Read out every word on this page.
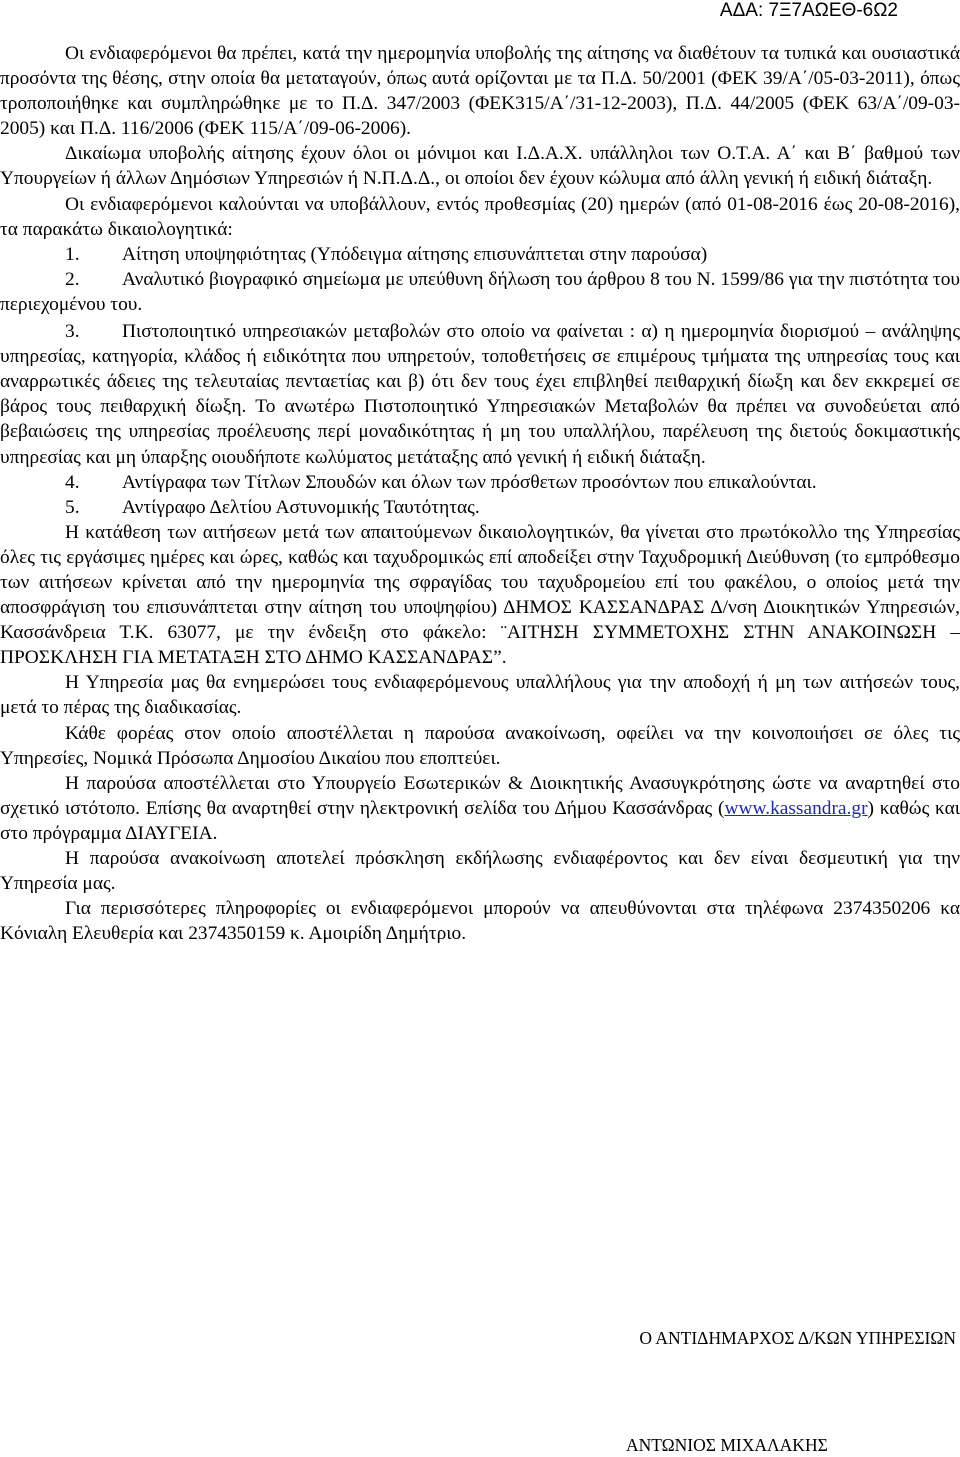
ΑΔΑ: 7Ξ7ΑΩΕΘ-6Ω2

Οι ενδιαφερόμενοι θα πρέπει, κατά την ημερομηνία υποβολής της αίτησης να διαθέτουν τα τυπικά και ουσιαστικά προσόντα της θέσης, στην οποία θα μεταταγούν, όπως αυτά ορίζονται με τα Π.Δ. 50/2001 (ΦΕΚ 39/Α΄/05-03-2011), όπως τροποποιήθηκε και συμπληρώθηκε με το Π.Δ. 347/2003 (ΦΕΚ315/Α΄/31-12-2003), Π.Δ. 44/2005 (ΦΕΚ 63/Α΄/09-03-2005) και Π.Δ. 116/2006 (ΦΕΚ 115/Α΄/09-06-2006).

Δικαίωμα υποβολής αίτησης έχουν όλοι οι μόνιμοι και Ι.Δ.Α.Χ. υπάλληλοι των Ο.Τ.Α. Α΄ και Β΄ βαθμού των Υπουργείων ή άλλων Δημόσιων Υπηρεσιών ή Ν.Π.Δ.Δ., οι οποίοι δεν έχουν κώλυμα από άλλη γενική ή ειδική διάταξη.

Οι ενδιαφερόμενοι καλούνται να υποβάλλουν, εντός προθεσμίας (20) ημερών (από 01-08-2016 έως 20-08-2016), τα παρακάτω δικαιολογητικά:

1. Αίτηση υποψηφιότητας (Υπόδειγμα αίτησης επισυνάπτεται στην παρούσα)

2. Αναλυτικό βιογραφικό σημείωμα με υπεύθυνη δήλωση του άρθρου 8 του Ν. 1599/86 για την πιστότητα του περιεχομένου του.

3. Πιστοποιητικό υπηρεσιακών μεταβολών στο οποίο να φαίνεται : α) η ημερομηνία διορισμού – ανάληψης υπηρεσίας, κατηγορία, κλάδος ή ειδικότητα που υπηρετούν, τοποθετήσεις σε επιμέρους τμήματα της υπηρεσίας τους και αναρρωτικές άδειες της τελευταίας πενταετίας και β) ότι δεν τους έχει επιβληθεί πειθαρχική δίωξη και δεν εκκρεμεί σε βάρος τους πειθαρχική δίωξη. Το ανωτέρω Πιστοποιητικό Υπηρεσιακών Μεταβολών θα πρέπει να συνοδεύεται από βεβαιώσεις της υπηρεσίας προέλευσης περί μοναδικότητας ή μη του υπαλλήλου, παρέλευση της διετούς δοκιμαστικής υπηρεσίας και μη ύπαρξης οιουδήποτε κωλύματος μετάταξης από γενική ή ειδική διάταξη.

4. Αντίγραφα των Τίτλων Σπουδών και όλων των πρόσθετων προσόντων που επικαλούνται.

5. Αντίγραφο Δελτίου Αστυνομικής Ταυτότητας.

Η κατάθεση των αιτήσεων μετά των απαιτούμενων δικαιολογητικών, θα γίνεται στο πρωτόκολλο της Υπηρεσίας όλες τις εργάσιμες ημέρες και ώρες, καθώς και ταχυδρομικώς επί αποδείξει στην Ταχυδρομική Διεύθυνση (το εμπρόθεσμο των αιτήσεων κρίνεται από την ημερομηνία της σφραγίδας του ταχυδρομείου επί του φακέλου, ο οποίος μετά την αποσφράγιση του επισυνάπτεται στην αίτηση του υποψηφίου) ΔΗΜΟΣ ΚΑΣΣΑΝΔΡΑΣ Δ/νση Διοικητικών Υπηρεσιών, Κασσάνδρεια Τ.Κ. 63077, με την ένδειξη στο φάκελο: ¨ΑΙΤΗΣΗ ΣΥΜΜΕΤΟΧΗΣ ΣΤΗΝ ΑΝΑΚΟΙΝΩΣΗ – ΠΡΟΣΚΛΗΣΗ ΓΙΑ ΜΕΤΑΤΑΞΗ ΣΤΟ ΔΗΜΟ ΚΑΣΣΑΝΔΡΑΣ”.

Η Υπηρεσία μας θα ενημερώσει τους ενδιαφερόμενους υπαλλήλους για την αποδοχή ή μη των αιτήσεών τους, μετά το πέρας της διαδικασίας.

Κάθε φορέας στον οποίο αποστέλλεται η παρούσα ανακοίνωση, οφείλει να την κοινοποιήσει σε όλες τις Υπηρεσίες, Νομικά Πρόσωπα Δημοσίου Δικαίου που εποπτεύει.

Η παρούσα αποστέλλεται στο Υπουργείο Εσωτερικών & Διοικητικής Ανασυγκρότησης ώστε να αναρτηθεί στο σχετικό ιστότοπο. Επίσης θα αναρτηθεί στην ηλεκτρονική σελίδα του Δήμου Κασσάνδρας (www.kassandra.gr) καθώς και στο πρόγραμμα ΔΙΑΥΓΕΙΑ.

Η παρούσα ανακοίνωση αποτελεί πρόσκληση εκδήλωσης ενδιαφέροντος και δεν είναι δεσμευτική για την Υπηρεσία μας.

Για περισσότερες πληροφορίες οι ενδιαφερόμενοι μπορούν να απευθύνονται στα τηλέφωνα 2374350206 κα Κόνιαλη Ελευθερία και 2374350159 κ. Αμοιρίδη Δημήτριο.

Ο ΑΝΤΙΔΗΜΑΡΧΟΣ Δ/ΚΩΝ ΥΠΗΡΕΣΙΩΝ
ΑΝΤΩΝΙΟΣ ΜΙΧΑΛΑΚΗΣ
